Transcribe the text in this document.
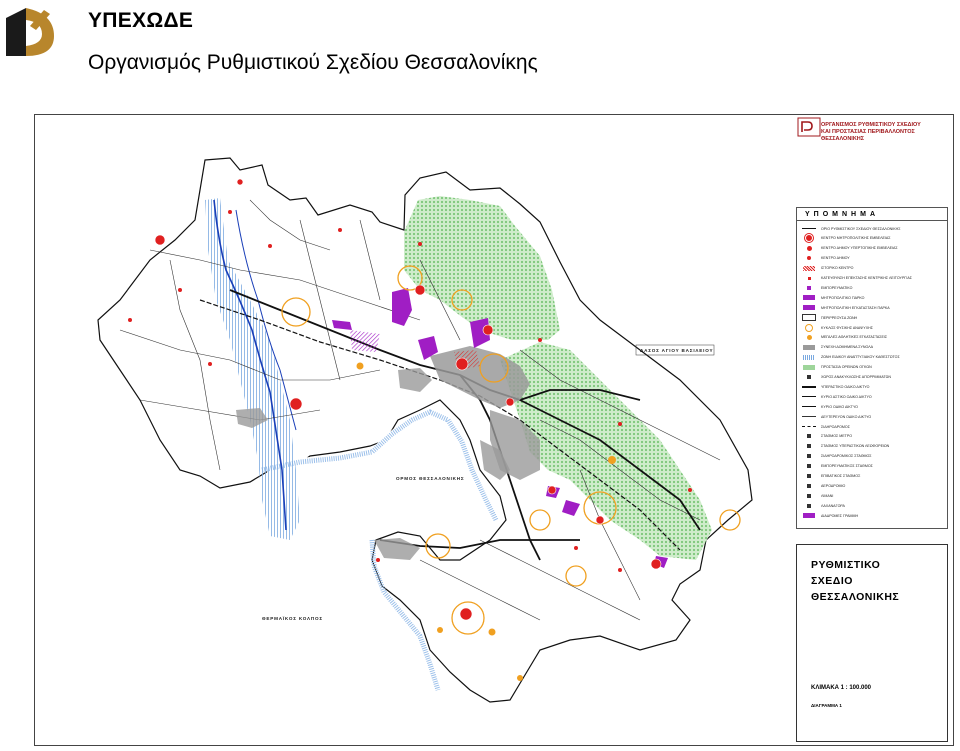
ΥΠΕΧΩΔΕ
Οργανισμός Ρυθμιστικού Σχεδίου Θεσσαλονίκης
ΟΡΜΟΣ ΘΕΣΣΑΛΟΝΙΚΗΣ
ΘΕΡΜΑΪΚΟΣ ΚΟΛΠΟΣ
ΔΑΣΟΣ ΑΓΙΟΥ ΒΑΣΙΛΕΙΟΥ
ΟΡΓΑΝΙΣΜΟΣ ΡΥΘΜΙΣΤΙΚΟΥ ΣΧΕΔΙΟΥ
ΚΑΙ ΠΡΟΣΤΑΣΙΑΣ ΠΕΡΙΒΑΛΛΟΝΤΟΣ ΘΕΣΣΑΛΟΝΙΚΗΣ
ΥΠΟΜΝΗΜΑ
ΟΡΙΟ ΡΥΘΜΙΣΤΙΚΟΥ ΣΧΕΔΙΟΥ ΘΕΣΣΑΛΟΝΙΚΗΣ
ΚΕΝΤΡΟ ΜΗΤΡΟΠΟΛΙΤΙΚΗΣ ΕΜΒΕΛΕΙΑΣ
ΚΕΝΤΡΟ ΔΗΜΟΥ ΥΠΕΡΤΟΠΙΚΗΣ ΕΜΒΕΛΕΙΑΣ
ΚΕΝΤΡΟ ΔΗΜΟΥ
ΙΣΤΟΡΙΚΟ ΚΕΝΤΡΟ
ΚΑΤΕΥΘΥΝΣΗ ΕΠΕΚΤΑΣΗΣ ΚΕΝΤΡΙΚΗΣ ΛΕΙΤΟΥΡΓΙΑΣ
ΕΜΠΟΡΕΥΜΑΤΙΚΟ
ΜΗΤΡΟΠΟΛΙΤΙΚΟ ΠΑΡΚΟ
ΜΗΤΡΟΠΟΛΙΤΙΚΗ ΕΓΚΑΤΑΣΤΑΣΗ ΠΑΡΚΑ
ΠΕΡΙΡΡΕΟΥΣΑ ΖΩΝΗ
ΚΥΚΛΟΣ ΦΥΣΙΚΗΣ ΑΝΑΨΥΧΗΣ
ΜΕΓΑΛΕΣ ΑΘΛΗΤΙΚΕΣ ΕΓΚΑΤΑΣΤΑΣΕΙΣ
ΣΥΝΕΧΗ ΔΟΜΗΜΕΝΑ ΣΥΝΟΛΑ
ΖΩΝΗ ΕΙΔΙΚΟΥ ΑΝΑΠΤΥΞΙΑΚΟΥ ΚΑΘΕΣΤΩΤΟΣ
ΠΡΟΣΤΑΣΙΑ ΟΡΕΙΝΩΝ ΟΓΚΩΝ
ΧΩΡΟΣ ΑΝΑΚΥΚΛΩΣΗΣ ΑΠΟΡΡΙΜΜΑΤΩΝ
ΥΠΕΡΑΣΤΙΚΟ ΟΔΙΚΟ ΔΙΚΤΥΟ
ΚΥΡΙΟ ΑΣΤΙΚΟ ΟΔΙΚΟ ΔΙΚΤΥΟ
ΚΥΡΙΟ ΟΔΙΚΟ ΔΙΚΤΥΟ
ΔΕΥΤΕΡΕΥΟΝ ΟΔΙΚΟ ΔΙΚΤΥΟ
ΣΙΔΗΡΟΔΡΟΜΟΣ
ΣΤΑΘΜΟΣ ΜΕΤΡΟ
ΣΤΑΘΜΟΣ ΥΠΕΡΑΣΤΙΚΩΝ ΛΕΩΦΟΡΕΙΩΝ
ΣΙΔΗΡΟΔΡΟΜΙΚΟΣ ΣΤΑΘΜΟΣ
ΕΜΠΟΡΕΥΜΑΤΙΚΟΣ ΣΤΑΘΜΟΣ
ΕΠΙΒΑΤΙΚΟΣ ΣΤΑΘΜΟΣ
ΑΕΡΟΔΡΟΜΙΟ
ΛΙΜΑΝΙ
ΛΑΧΑΝΑΓΟΡΑ
ΔΙΑΔΡΟΜΕΣ ΓΡΑΜΜΗ
ΡΥΘΜΙΣΤΙΚΟ
ΣΧΕΔΙΟ
ΘΕΣΣΑΛΟΝΙΚΗΣ
ΚΛΙΜΑΚΑ 1 : 100.000
ΔΙΑΓΡΑΜΜΑ 1
